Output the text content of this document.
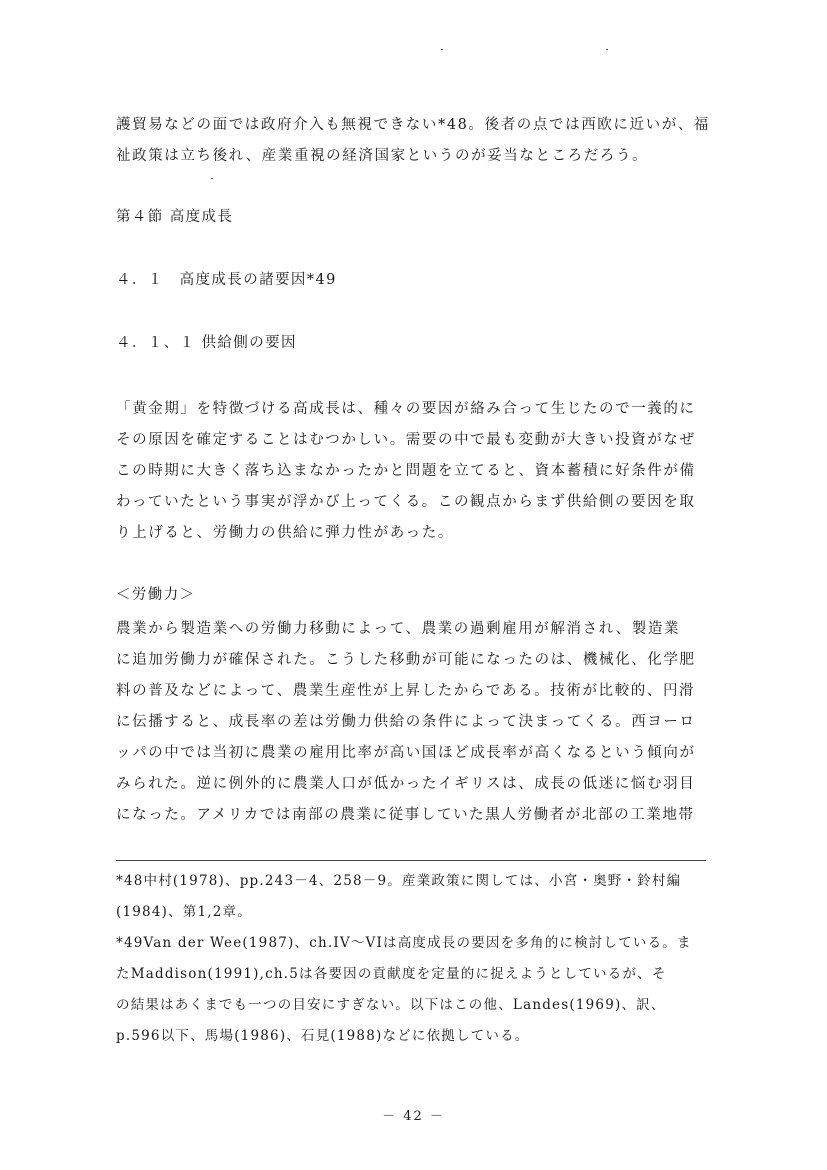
護貿易などの面では政府介入も無視できない*48。後者の点では西欧に近いが、福
祉政策は立ち後れ、産業重視の経済国家というのが妥当なところだろう。
第４節 高度成長
４．１　高度成長の諸要因*49
４．１、１ 供給側の要因
「黄金期」を特徴づける高成長は、種々の要因が絡み合って生じたので一義的に
その原因を確定することはむつかしい。需要の中で最も変動が大きい投資がなぜ
この時期に大きく落ち込まなかったかと問題を立てると、資本蓄積に好条件が備
わっていたという事実が浮かび上ってくる。この観点からまず供給側の要因を取
り上げると、労働力の供給に弾力性があった。
＜労働力＞
農業から製造業への労働力移動によって、農業の過剰雇用が解消され、製造業
に追加労働力が確保された。こうした移動が可能になったのは、機械化、化学肥
料の普及などによって、農業生産性が上昇したからである。技術が比較的、円滑
に伝播すると、成長率の差は労働力供給の条件によって決まってくる。西ヨーロ
ッパの中では当初に農業の雇用比率が高い国ほど成長率が高くなるという傾向が
みられた。逆に例外的に農業人口が低かったイギリスは、成長の低迷に悩む羽目
になった。アメリカでは南部の農業に従事していた黒人労働者が北部の工業地帯
*48中村(1978)、pp.243－4、258－9。産業政策に関しては、小宮・奥野・鈴村編
(1984)、第1,2章。
*49Van der Wee(1987)、ch.IV～VIは高度成長の要因を多角的に検討している。ま
たMaddison(1991),ch.5は各要因の貢献度を定量的に捉えようとしているが、そ
の結果はあくまでも一つの目安にすぎない。以下はこの他、Landes(1969)、訳、
p.596以下、馬場(1986)、石見(1988)などに依拠している。
－ 42 －
